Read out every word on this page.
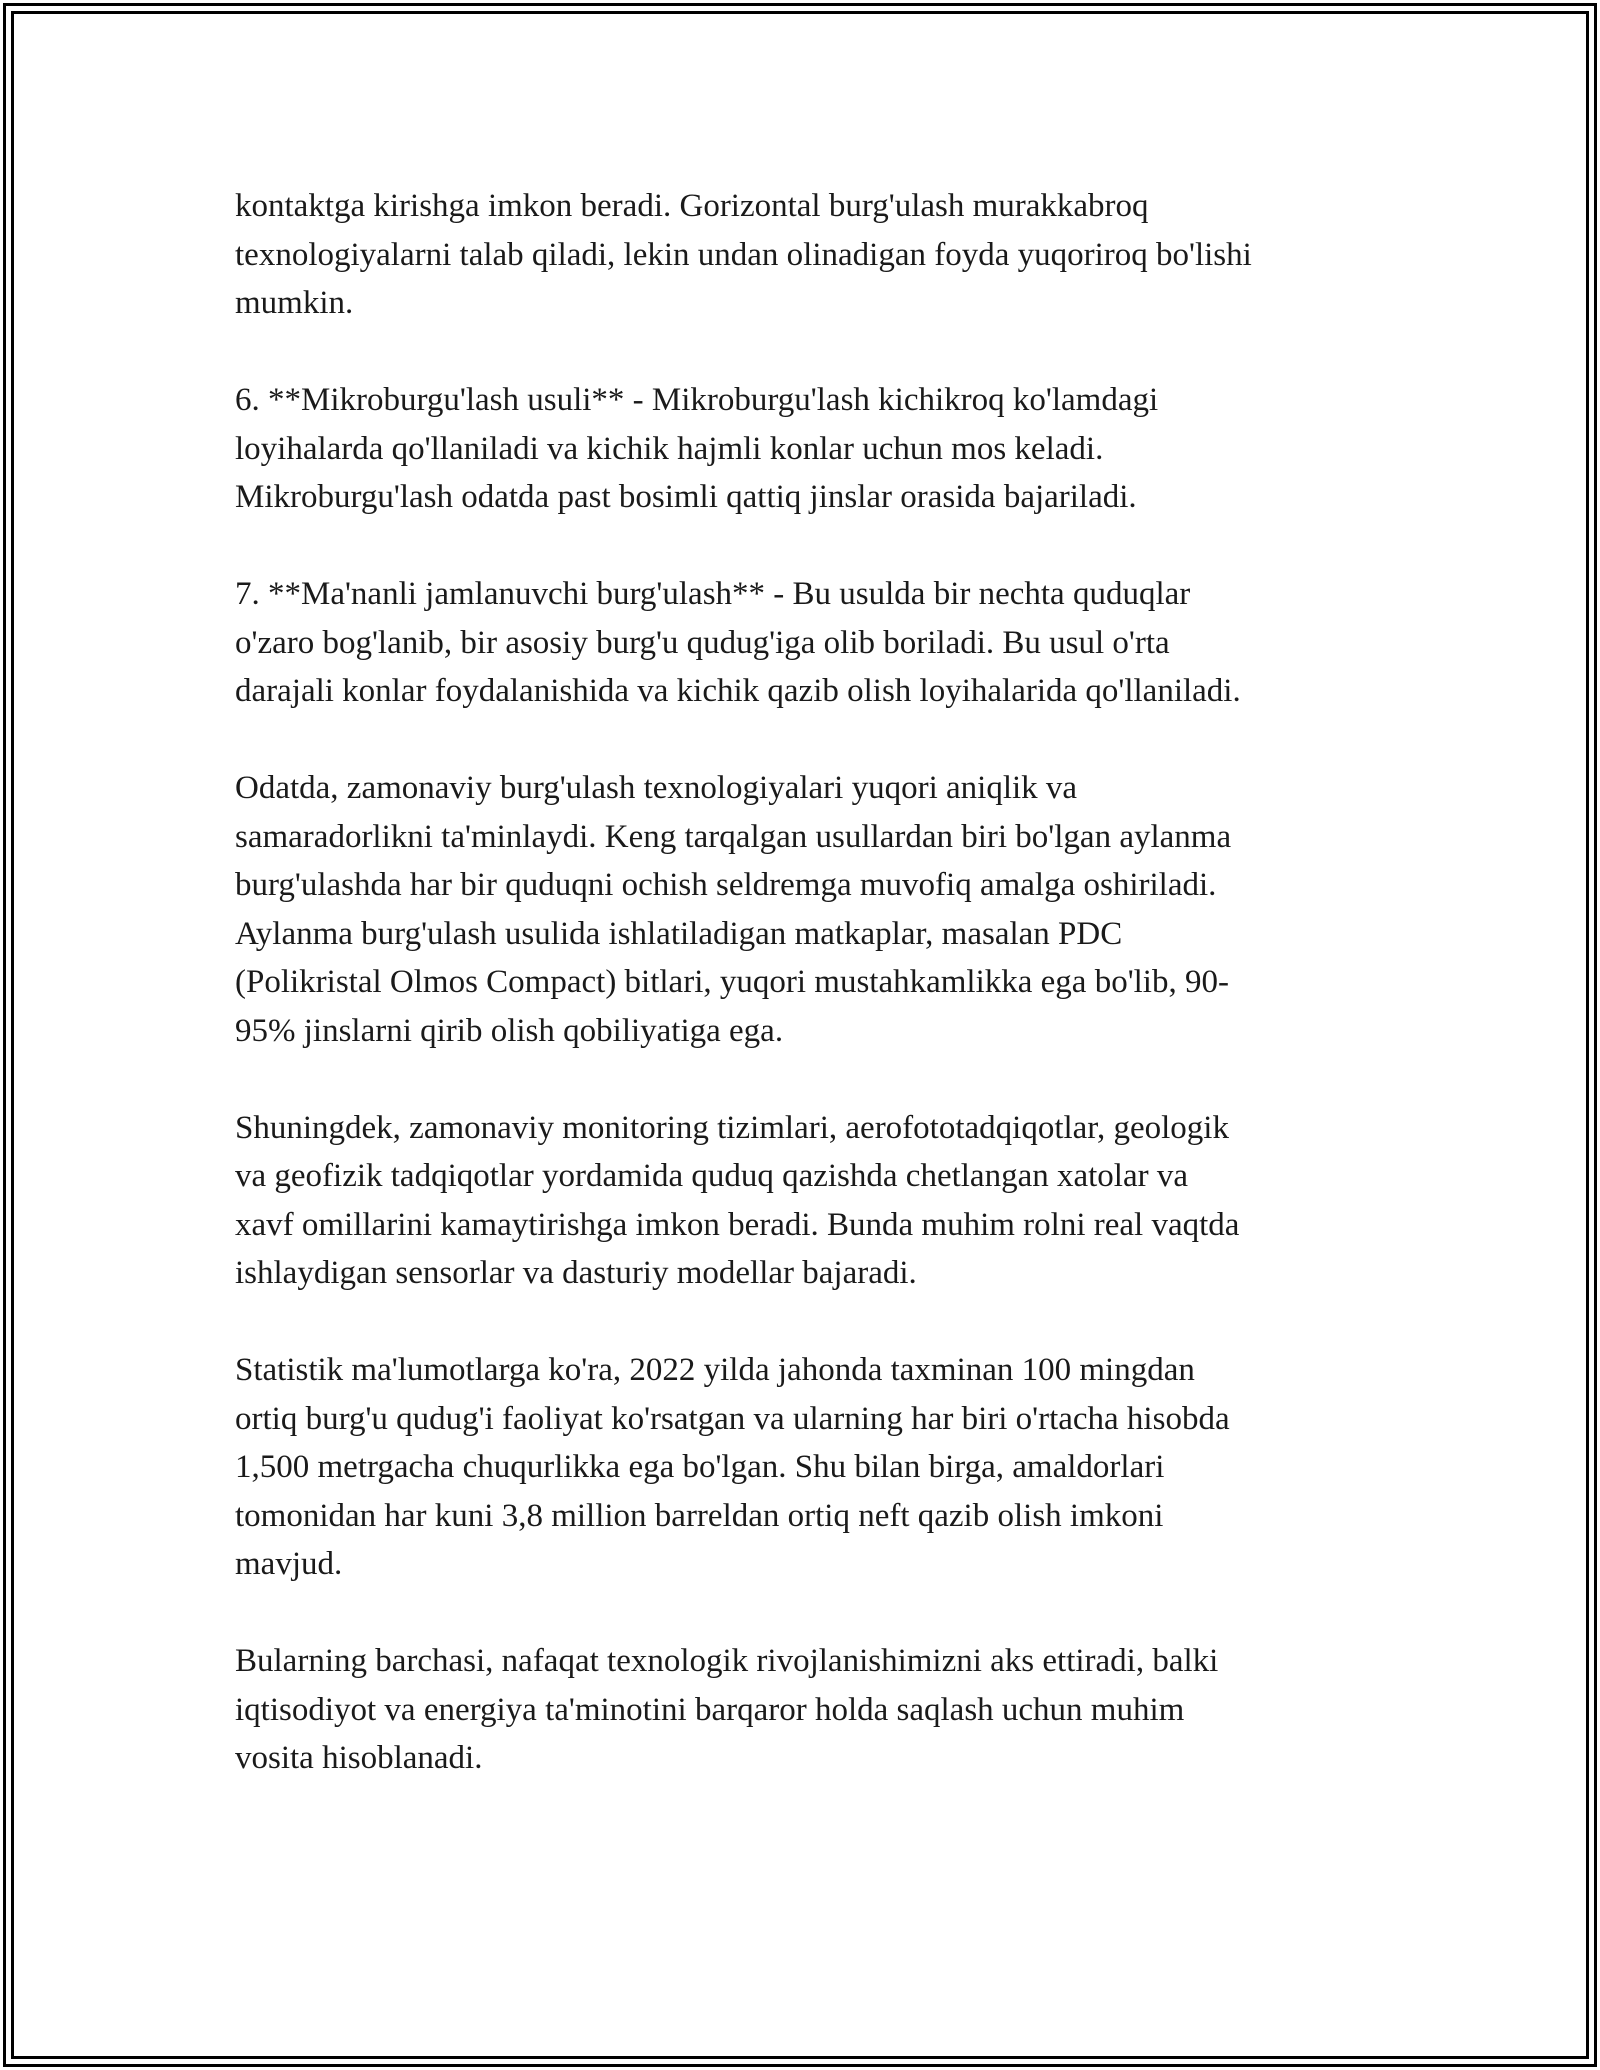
kontaktga kirishga imkon beradi. Gorizontal burg'ulash murakkabroq
texnologiyalarni talab qiladi, lekin undan olinadigan foyda yuqoriroq bo'lishi
mumkin.

6. **Mikroburgu'lash usuli** - Mikroburgu'lash kichikroq ko'lamdagi
loyihalarda qo'llaniladi va kichik hajmli konlar uchun mos keladi.
Mikroburgu'lash odatda past bosimli qattiq jinslar orasida bajariladi.

7. **Ma'nanli jamlanuvchi burg'ulash** - Bu usulda bir nechta quduqlar
o'zaro bog'lanib, bir asosiy burg'u qudug'iga olib boriladi. Bu usul o'rta
darajali konlar foydalanishida va kichik qazib olish loyihalarida qo'llaniladi.

Odatda, zamonaviy burg'ulash texnologiyalari yuqori aniqlik va
samaradorlikni ta'minlaydi. Keng tarqalgan usullardan biri bo'lgan aylanma
burg'ulashda har bir quduqni ochish seldremga muvofiq amalga oshiriladi.
Aylanma burg'ulash usulida ishlatiladigan matkaplar, masalan PDC
(Polikristal Olmos Compact) bitlari, yuqori mustahkamlikka ega bo'lib, 90-
95% jinslarni qirib olish qobiliyatiga ega.

Shuningdek, zamonaviy monitoring tizimlari, aerofototadqiqotlar, geologik
va geofizik tadqiqotlar yordamida quduq qazishda chetlangan xatolar va
xavf omillarini kamaytirishga imkon beradi. Bunda muhim rolni real vaqtda
ishlaydigan sensorlar va dasturiy modellar bajaradi.

Statistik ma'lumotlarga ko'ra, 2022 yilda jahonda taxminan 100 mingdan
ortiq burg'u qudug'i faoliyat ko'rsatgan va ularning har biri o'rtacha hisobda
1,500 metrgacha chuqurlikka ega bo'lgan. Shu bilan birga, amaldorlari
tomonidan har kuni 3,8 million barreldan ortiq neft qazib olish imkoni
mavjud.

Bularning barchasi, nafaqat texnologik rivojlanishimizni aks ettiradi, balki
iqtisodiyot va energiya ta'minotini barqaror holda saqlash uchun muhim
vosita hisoblanadi.
